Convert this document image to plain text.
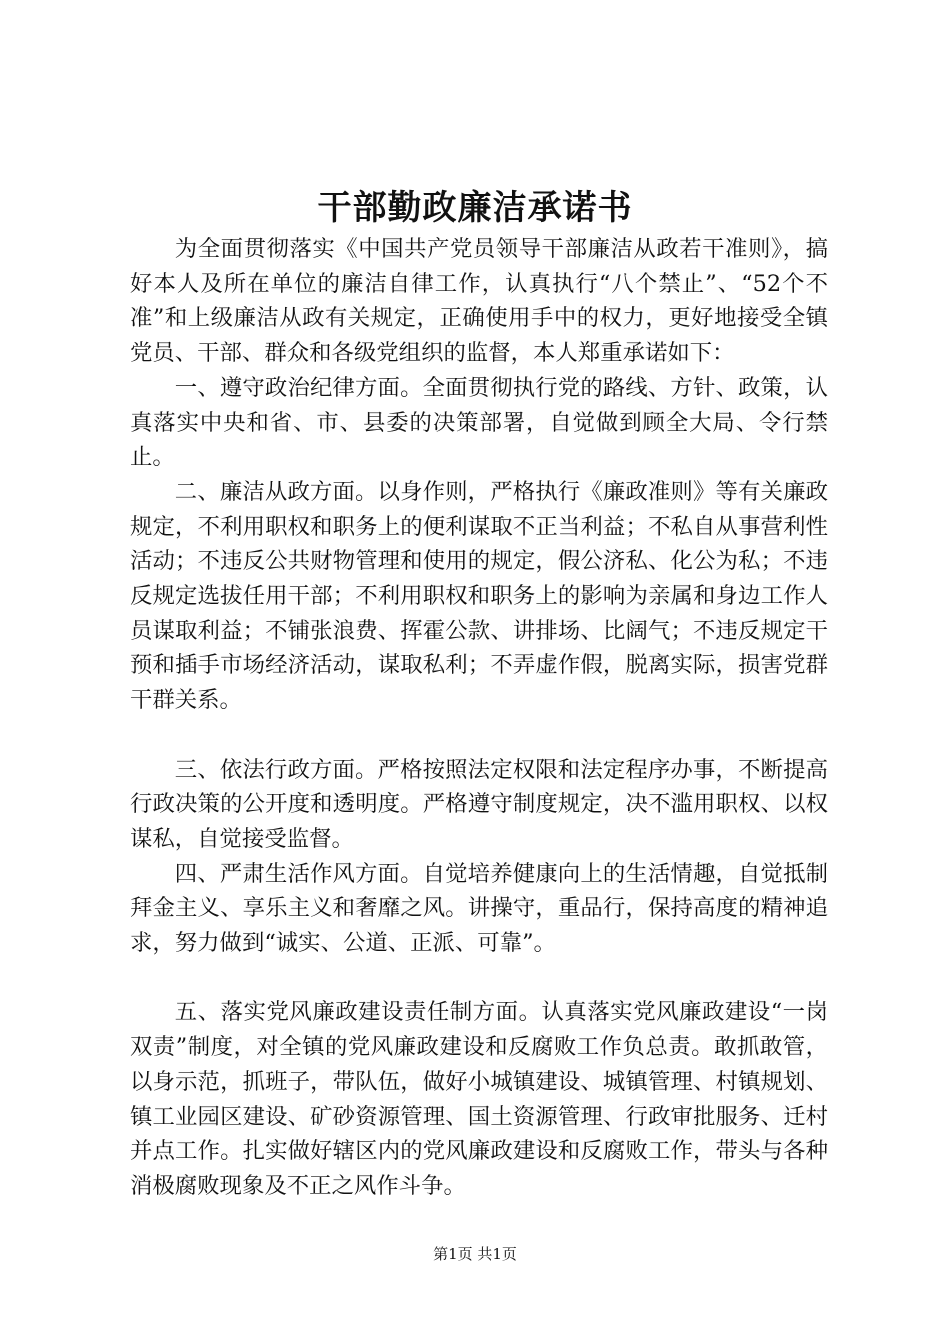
干部勤政廉洁承诺书

为全面贯彻落实《中国共产党员领导干部廉洁从政若干准则》，搞好本人及所在单位的廉洁自律工作，认真执行“八个禁止”、“52个不准”和上级廉洁从政有关规定，正确使用手中的权力，更好地接受全镇党员、干部、群众和各级党组织的监督，本人郑重承诺如下：

一、遵守政治纪律方面。全面贯彻执行党的路线、方针、政策，认真落实中央和省、市、县委的决策部署，自觉做到顾全大局、令行禁止。

二、廉洁从政方面。以身作则，严格执行《廉政准则》等有关廉政规定，不利用职权和职务上的便利谋取不正当利益；不私自从事营利性活动；不违反公共财物管理和使用的规定，假公济私、化公为私；不违反规定选拔任用干部；不利用职权和职务上的影响为亲属和身边工作人员谋取利益；不铺张浪费、挥霍公款、讲排场、比阔气；不违反规定干预和插手市场经济活动，谋取私利；不弄虚作假，脱离实际，损害党群干群关系。

三、依法行政方面。严格按照法定权限和法定程序办事，不断提高行政决策的公开度和透明度。严格遵守制度规定，决不滥用职权、以权谋私，自觉接受监督。

四、严肃生活作风方面。自觉培养健康向上的生活情趣，自觉抵制拜金主义、享乐主义和奢靡之风。讲操守，重品行，保持高度的精神追求，努力做到“诚实、公道、正派、可靠”。

五、落实党风廉政建设责任制方面。认真落实党风廉政建设“一岗双责”制度，对全镇的党风廉政建设和反腐败工作负总责。敢抓敢管，以身示范，抓班子，带队伍，做好小城镇建设、城镇管理、村镇规划、镇工业园区建设、矿砂资源管理、国土资源管理、行政审批服务、迁村并点工作。扎实做好辖区内的党风廉政建设和反腐败工作，带头与各种消极腐败现象及不正之风作斗争。

第1页 共1页
